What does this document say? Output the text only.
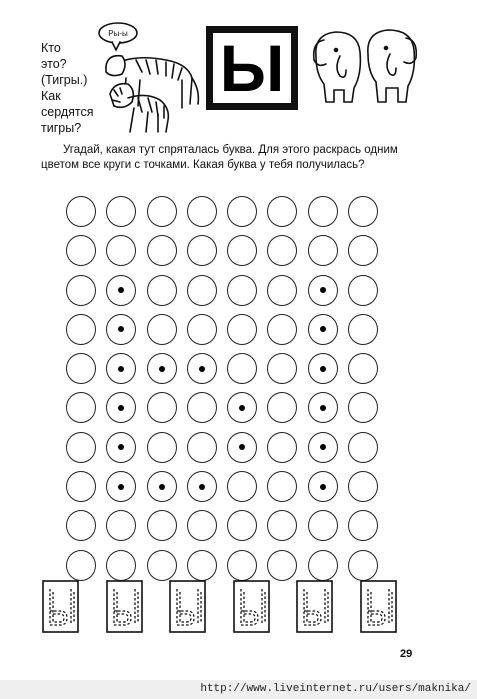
Кто
это?
(Тигры.)
Как
сердятся
тигры?
Ры-ы Ы

Угадай, какая тут спряталась буква. Для этого раскрась одним цветом все круги с точками. Какая буква у тебя получилась?

29
http://www.liveinternet.ru/users/maknika/
